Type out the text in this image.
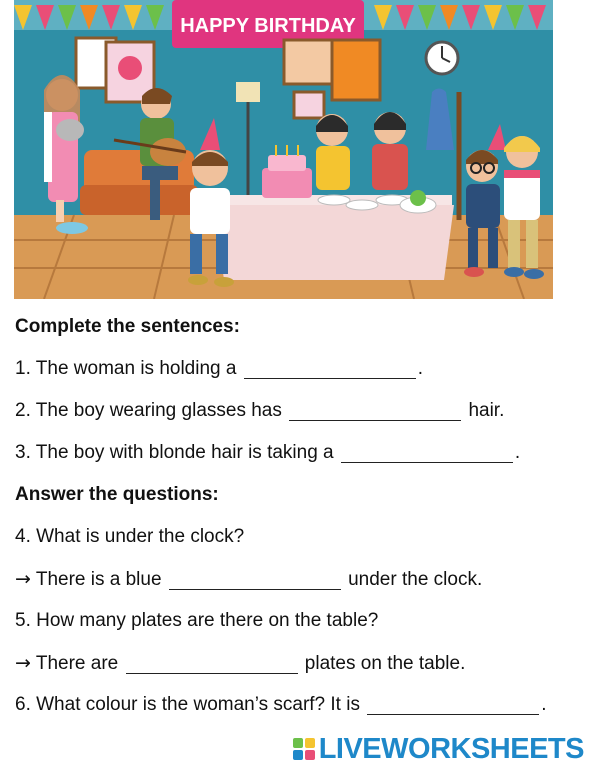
HAPPY BIRTHDAY
Complete the sentences:
1. The woman is holding a	.
2. The boy wearing glasses has	hair.
3. The boy with blonde hair is taking a	.
Answer the questions:
4. What is under the clock?
→ There is a blue	under the clock.
5. How many plates are there on the table?
→ There are	plates on the table.
6. What colour is the woman’s scarf? It is	.
LIVEWORKSHEETS
